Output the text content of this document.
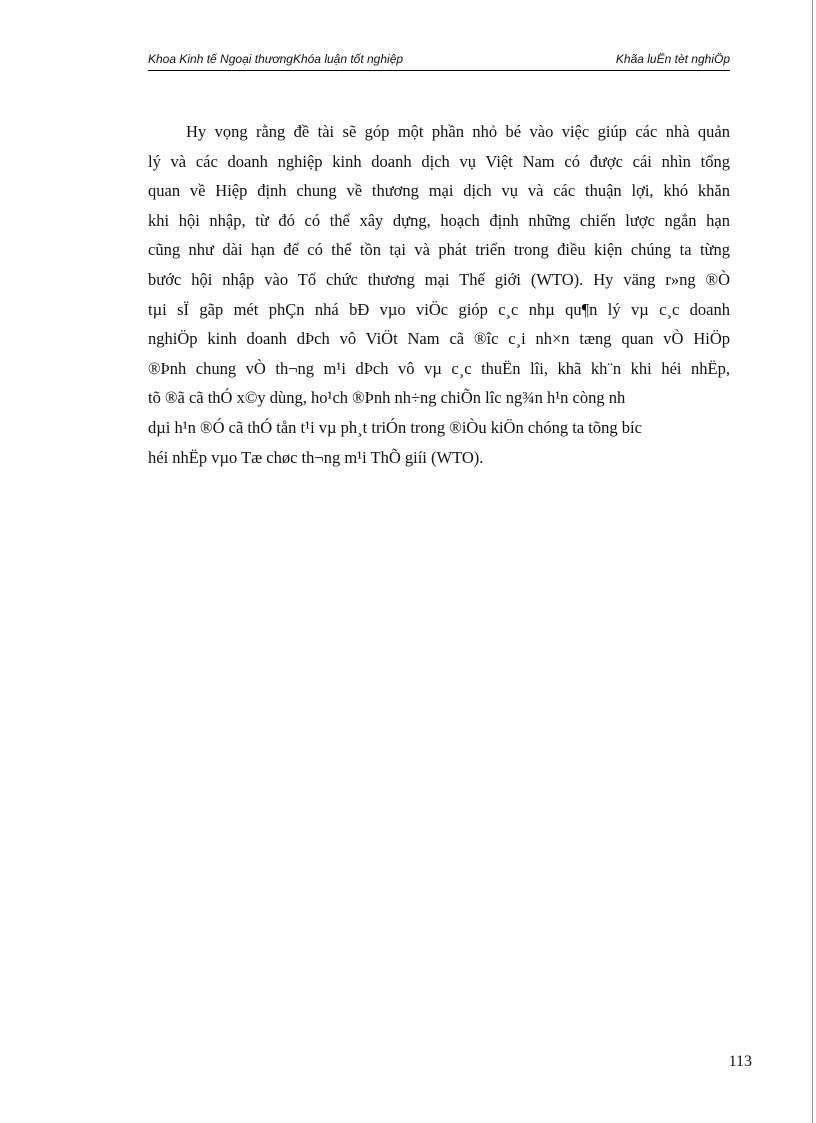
Khoa Kinh tế Ngoại thươngKhóa luận tốt nghiệp	Khãa luËn tèt nghiÖp
Hy vọng rằng đề tài sẽ góp một phần nhỏ bé vào việc giúp các nhà quản
lý và các doanh nghiệp kinh doanh dịch vụ Việt Nam có được cái nhìn tổng
quan về Hiệp định chung về thương mại dịch vụ và các thuận lợi, khó khăn
khi hội nhập, từ đó có thể xây dựng, hoạch định những chiến lược ngắn hạn
cũng như dài hạn để có thể tồn tại và phát triển trong điều kiện chúng ta từng
bước hội nhập vào Tổ chức thương mại Thế giới (WTO). Hy väng r»ng ®Ò
tµi sÏ gãp mét phÇn nhá bÐ vµo viÖc gióp c¸c nhµ qu¶n lý vµ c¸c doanh
nghiÖp kinh doanh dÞch vô ViÖt Nam cã ®îc c¸i nh×n tæng quan vÒ HiÖp
®Þnh chung vÒ th¬ng m¹i dÞch vô vµ c¸c thuËn lîi, khã kh¨n khi héi nhËp,
tõ ®ã cã thÓ x©y dùng, ho¹ch ®Þnh nh÷ng chiÕn lîc ng¾n h¹n còng nh
dµi h¹n ®Ó cã thÓ tån t¹i vµ ph¸t triÓn trong ®iÒu kiÖn chóng ta tõng bíc
héi nhËp vµo Tæ chøc th¬ng m¹i ThÕ giíi (WTO).
113
